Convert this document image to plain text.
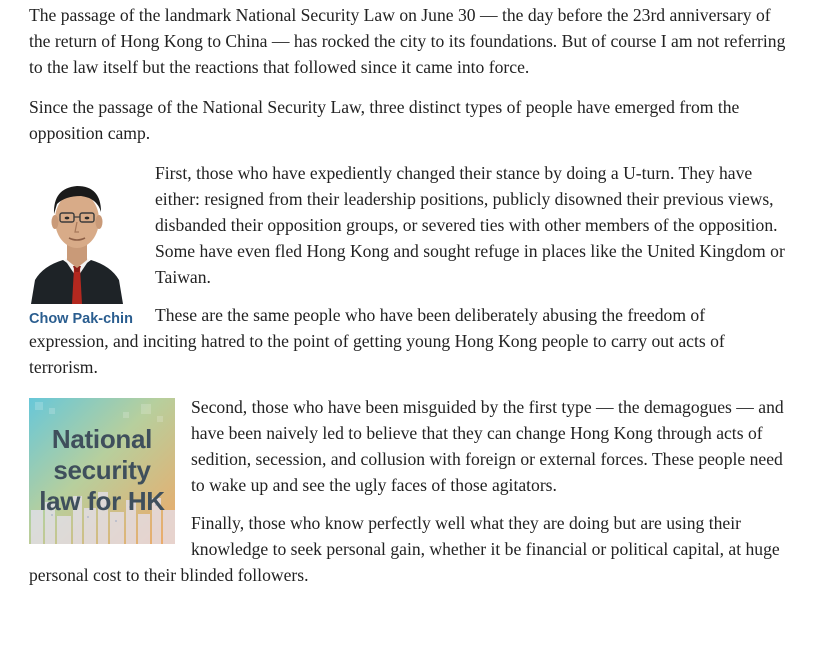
The passage of the landmark National Security Law on June 30 — the day before the 23rd anniversary of the return of Hong Kong to China — has rocked the city to its foundations. But of course I am not referring to the law itself but the reactions that followed since it came into force.

Since the passage of the National Security Law, three distinct types of people have emerged from the opposition camp.

Chow Pak-chin

First, those who have expediently changed their stance by doing a U-turn. They have either: resigned from their leadership positions, publicly disowned their previous views, disbanded their opposition groups, or severed ties with other members of the opposition. Some have even fled Hong Kong and sought refuge in places like the United Kingdom or Taiwan.

These are the same people who have been deliberately abusing the freedom of expression, and inciting hatred to the point of getting young Hong Kong people to carry out acts of terrorism.

National
security
law for HK

Second, those who have been misguided by the first type — the demagogues — and have been naively led to believe that they can change Hong Kong through acts of sedition, secession, and collusion with foreign or external forces. These people need to wake up and see the ugly faces of those agitators.

Finally, those who know perfectly well what they are doing but are using their knowledge to seek personal gain, whether it be financial or political capital, at huge personal cost to their blinded followers.
